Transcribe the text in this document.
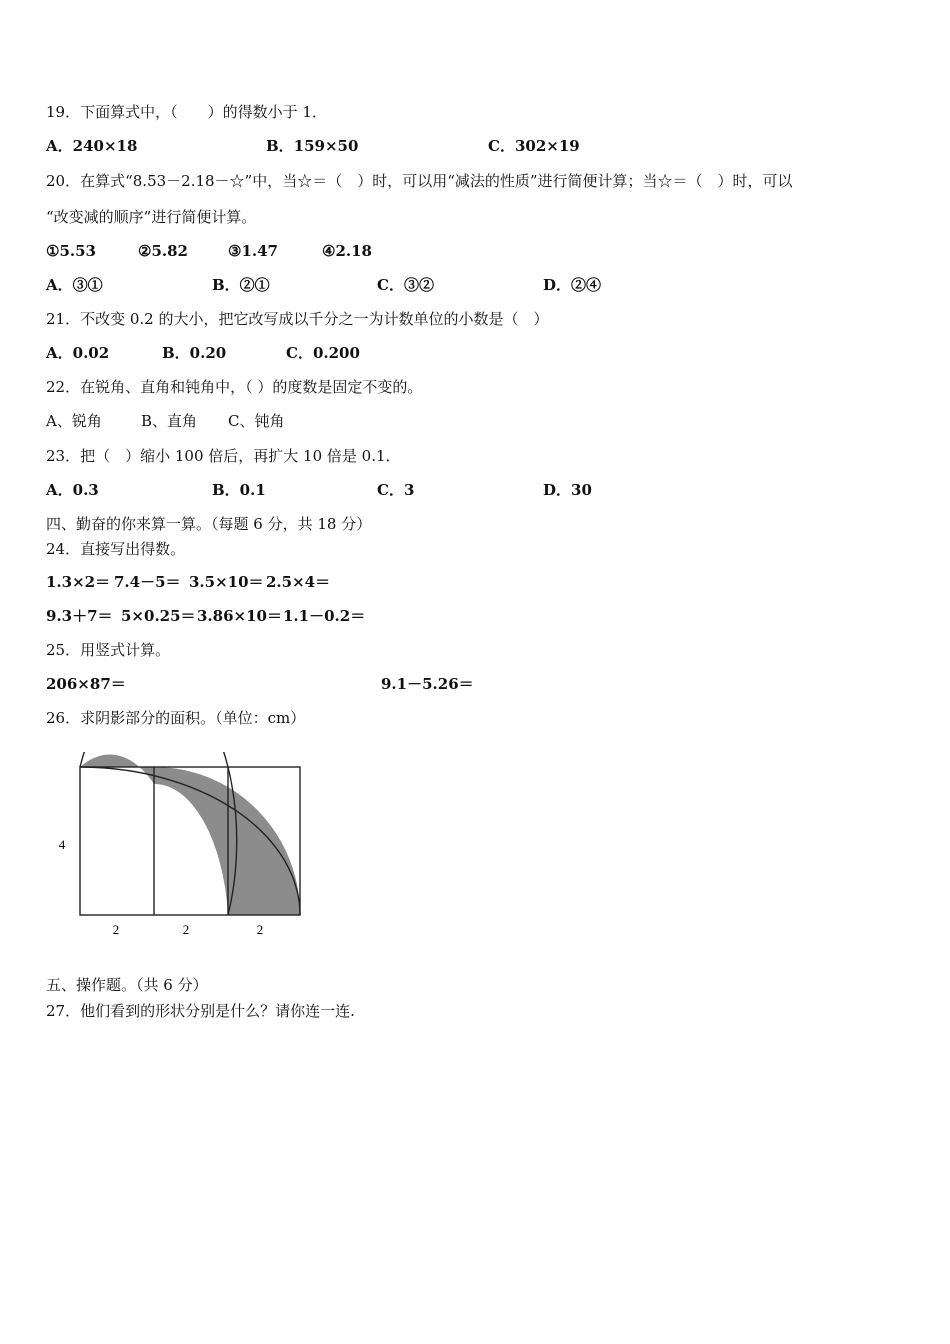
19．下面算式中，（　　）的得数小于 1．
A．240×18	B．159×50	C．302×19
20．在算式“8.53－2.18－☆”中，当☆＝（　）时，可以用“减法的性质”进行简便计算；当☆＝（　）时，可以
“改变减的顺序”进行简便计算。
①5.53	②5.82	③1.47	④2.18
A．③①	B．②①	C．③②	D．②④
21．不改变 0.2 的大小，把它改写成以千分之一为计数单位的小数是（　）
A．0.02	B．0.20	C．0.200
22．在锐角、直角和钝角中，（ ）的度数是固定不变的。
A、锐角	B、直角 C、钝角
23．把（　）缩小 100 倍后，再扩大 10 倍是 0.1．
A．0.3	B．0.1	C．3	D．30
四、勤奋的你来算一算。（每题 6 分，共 18 分）
24．直接写出得数。
1.3×2＝ 7.4－5＝ 3.5×10＝ 2.5×4＝
9.3＋7＝ 5×0.25＝ 3.86×10＝ 1.1－0.2＝
25．用竖式计算。
206×87＝	9.1－5.26＝
26．求阴影部分的面积。（单位：cm）
4
2	2	2
五、操作题。（共 6 分）
27．他们看到的形状分别是什么？请你连一连.
